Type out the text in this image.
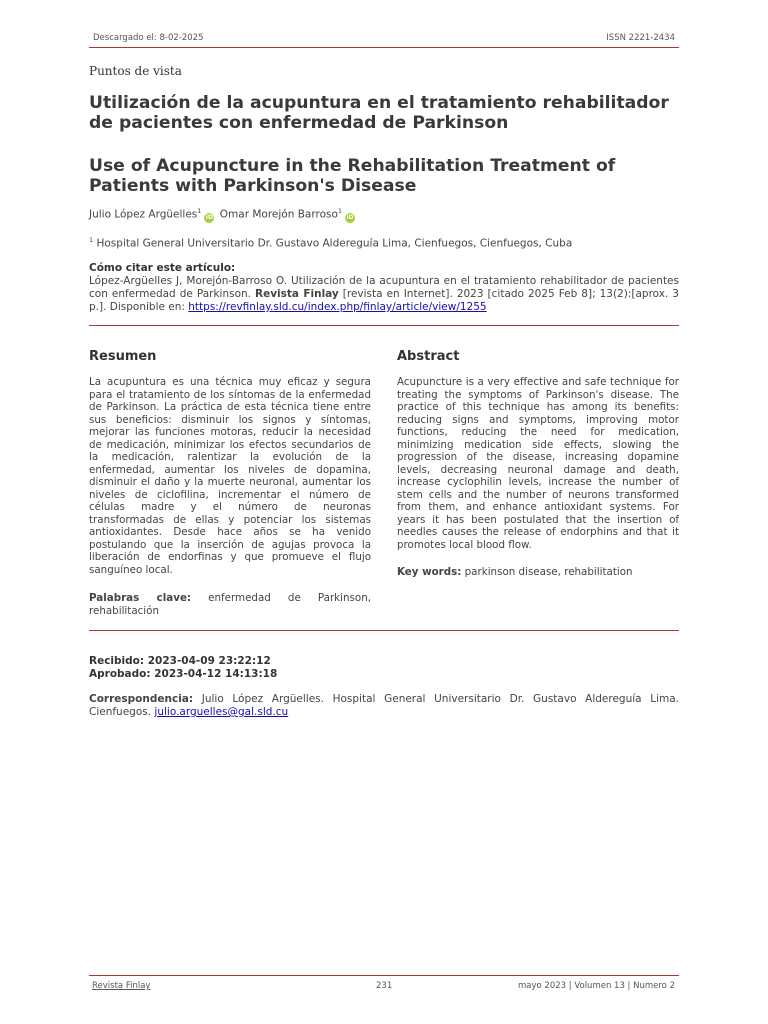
Descargado el: 8-02-2025	ISSN 2221-2434
Puntos de vista
Utilización de la acupuntura en el tratamiento rehabilitador de pacientes con enfermedad de Parkinson
Use of Acupuncture in the Rehabilitation Treatment of Patients with Parkinson's Disease
Julio López Argüelles$^1$iD Omar Morejón Barroso$^1$iD
$^1$ Hospital General Universitario Dr. Gustavo Aldereguía Lima, Cienfuegos, Cienfuegos, Cuba
Cómo citar este artículo:
López-Argüelles J, Morejón-Barroso O. Utilización de la acupuntura en el tratamiento rehabilitador de pacientes con enfermedad de Parkinson. Revista Finlay [revista en Internet]. 2023 [citado 2025 Feb 8]; 13(2):[aprox. 3 p.]. Disponible en: https://revfinlay.sld.cu/index.php/finlay/article/view/1255
Resumen
La acupuntura es una técnica muy eficaz y segura para el tratamiento de los síntomas de la enfermedad de Parkinson. La práctica de esta técnica tiene entre sus beneficios: disminuir los signos y síntomas, mejorar las funciones motoras, reducir la necesidad de medicación, minimizar los efectos secundarios de la medicación, ralentizar la evolución de la enfermedad, aumentar los niveles de dopamina, disminuir el daño y la muerte neuronal, aumentar los niveles de ciclofilina, incrementar el número de células madre y el número de neuronas transformadas de ellas y potenciar los sistemas antioxidantes. Desde hace años se ha venido postulando que la inserción de agujas provoca la liberación de endorfinas y que promueve el flujo sanguíneo local.
Palabras clave: enfermedad de Parkinson, rehabilitación
Abstract
Acupuncture is a very effective and safe technique for treating the symptoms of Parkinson's disease. The practice of this technique has among its benefits: reducing signs and symptoms, improving motor functions, reducing the need for medication, minimizing medication side effects, slowing the progression of the disease, increasing dopamine levels, decreasing neuronal damage and death, increase cyclophilin levels, increase the number of stem cells and the number of neurons transformed from them, and enhance antioxidant systems. For years it has been postulated that the insertion of needles causes the release of endorphins and that it promotes local blood flow.
Key words: parkinson disease, rehabilitation
Recibido: 2023-04-09 23:22:12
Aprobado: 2023-04-12 14:13:18
Correspondencia: Julio López Argüelles. Hospital General Universitario Dr. Gustavo Aldereguía Lima. Cienfuegos. julio.arguelles@gal.sld.cu
Revista Finlay	231	mayo 2023 | Volumen 13 | Numero 2
